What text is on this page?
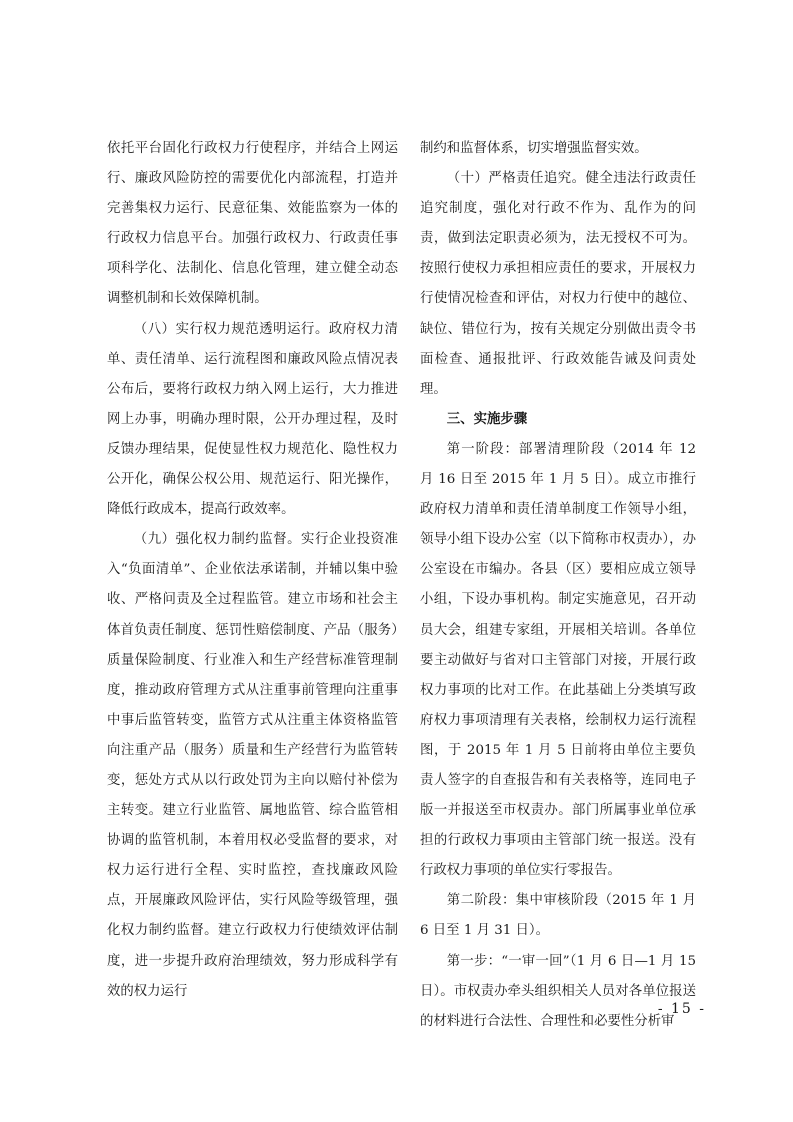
依托平台固化行政权力行使程序，并结合上网运行、廉政风险防控的需要优化内部流程，打造并完善集权力运行、民意征集、效能监察为一体的行政权力信息平台。加强行政权力、行政责任事项科学化、法制化、信息化管理，建立健全动态调整机制和长效保障机制。

（八）实行权力规范透明运行。政府权力清单、责任清单、运行流程图和廉政风险点情况表公布后，要将行政权力纳入网上运行，大力推进网上办事，明确办理时限，公开办理过程，及时反馈办理结果，促使显性权力规范化、隐性权力公开化，确保公权公用、规范运行、阳光操作，降低行政成本，提高行政效率。

（九）强化权力制约监督。实行企业投资准入“负面清单”、企业依法承诺制，并辅以集中验收、严格问责及全过程监管。建立市场和社会主体首负责任制度、惩罚性赔偿制度、产品（服务）质量保险制度、行业准入和生产经营标准管理制度，推动政府管理方式从注重事前管理向注重事中事后监管转变，监管方式从注重主体资格监管向注重产品（服务）质量和生产经营行为监管转变，惩处方式从以行政处罚为主向以赔付补偿为主转变。建立行业监管、属地监管、综合监管相协调的监管机制，本着用权必受监督的要求，对权力运行进行全程、实时监控，查找廉政风险点，开展廉政风险评估，实行风险等级管理，强化权力制约监督。建立行政权力行使绩效评估制度，进一步提升政府治理绩效，努力形成科学有效的权力运行

制约和监督体系，切实增强监督实效。

（十）严格责任追究。健全违法行政责任追究制度，强化对行政不作为、乱作为的问责，做到法定职责必须为，法无授权不可为。按照行使权力承担相应责任的要求，开展权力行使情况检查和评估，对权力行使中的越位、缺位、错位行为，按有关规定分别做出责令书面检查、通报批评、行政效能告诫及问责处理。

三、实施步骤

第一阶段：部署清理阶段（2014 年 12 月 16 日至 2015 年 1 月 5 日）。成立市推行政府权力清单和责任清单制度工作领导小组，领导小组下设办公室（以下简称市权责办），办公室设在市编办。各县（区）要相应成立领导小组，下设办事机构。制定实施意见，召开动员大会，组建专家组，开展相关培训。各单位要主动做好与省对口主管部门对接，开展行政权力事项的比对工作。在此基础上分类填写政府权力事项清理有关表格，绘制权力运行流程图，于 2015 年 1 月 5 日前将由单位主要负责人签字的自查报告和有关表格等，连同电子版一并报送至市权责办。部门所属事业单位承担的行政权力事项由主管部门统一报送。没有行政权力事项的单位实行零报告。

第二阶段：集中审核阶段（2015 年 1 月 6 日至 1 月 31 日）。

第一步：“一审一回”（1 月 6 日—1 月 15 日）。市权责办牵头组织相关人员对各单位报送的材料进行合法性、合理性和必要性分析审

- 15 -
